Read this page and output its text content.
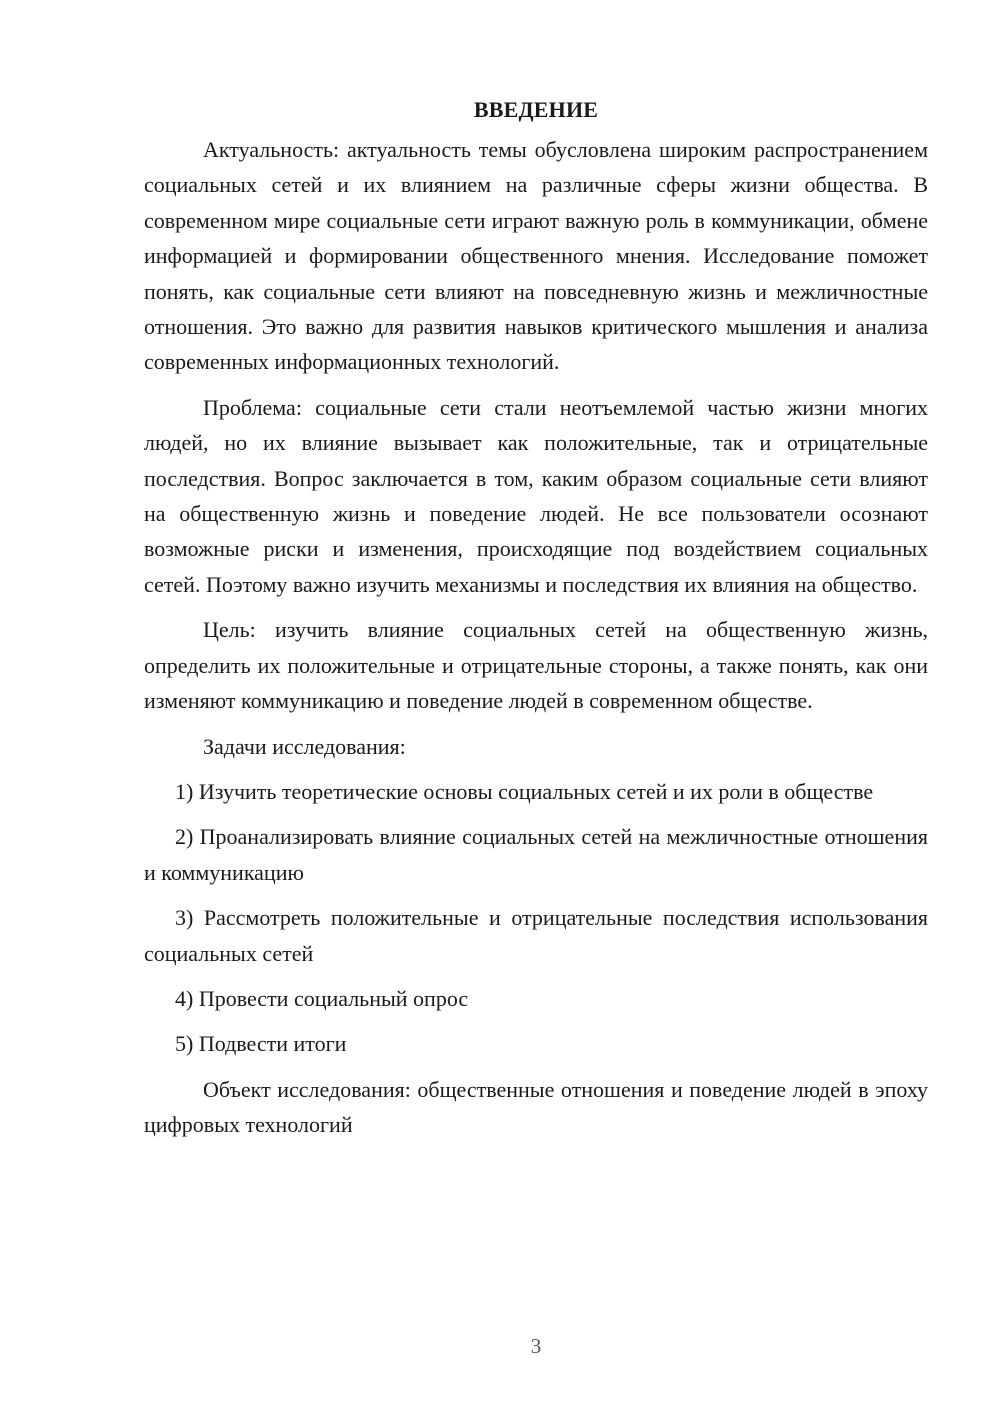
ВВЕДЕНИЕ

Актуальность: актуальность темы обусловлена широким распространением социальных сетей и их влиянием на различные сферы жизни общества. В современном мире социальные сети играют важную роль в коммуникации, обмене информацией и формировании общественного мнения. Исследование поможет понять, как социальные сети влияют на повседневную жизнь и межличностные отношения. Это важно для развития навыков критического мышления и анализа современных информационных технологий.

Проблема: социальные сети стали неотъемлемой частью жизни многих людей, но их влияние вызывает как положительные, так и отрицательные последствия. Вопрос заключается в том, каким образом социальные сети влияют на общественную жизнь и поведение людей. Не все пользователи осознают возможные риски и изменения, происходящие под воздействием социальных сетей. Поэтому важно изучить механизмы и последствия их влияния на общество.

Цель: изучить влияние социальных сетей на общественную жизнь, определить их положительные и отрицательные стороны, а также понять, как они изменяют коммуникацию и поведение людей в современном обществе.

Задачи исследования:

1) Изучить теоретические основы социальных сетей и их роли в обществе

2) Проанализировать влияние социальных сетей на межличностные отношения и коммуникацию

3) Рассмотреть положительные и отрицательные последствия использования социальных сетей

4) Провести социальный опрос

5) Подвести итоги

Объект исследования: общественные отношения и поведение людей в эпоху цифровых технологий

3
